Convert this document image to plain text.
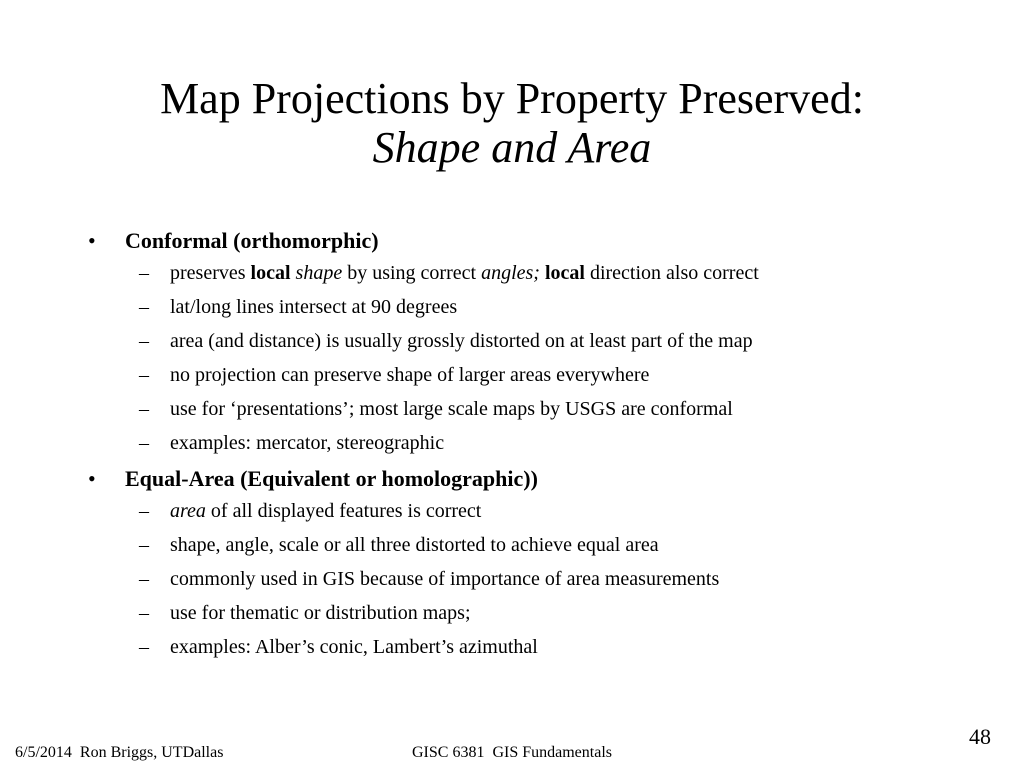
Map Projections by Property Preserved:
Shape and Area
• Conformal (orthomorphic)
– preserves local shape by using correct angles; local direction also correct
– lat/long lines intersect at 90 degrees
– area (and distance) is usually grossly distorted on at least part of the map
– no projection can preserve shape of larger areas everywhere
– use for ‘presentations’; most large scale maps by USGS are conformal
– examples: mercator, stereographic
• Equal-Area (Equivalent or homolographic))
– area of all displayed features is correct
– shape, angle, scale or all three distorted to achieve equal area
– commonly used in GIS because of importance of area measurements
– use for thematic or distribution maps;
– examples: Alber’s conic, Lambert’s azimuthal
6/5/2014  Ron Briggs, UTDallas	GISC 6381  GIS Fundamentals
48
